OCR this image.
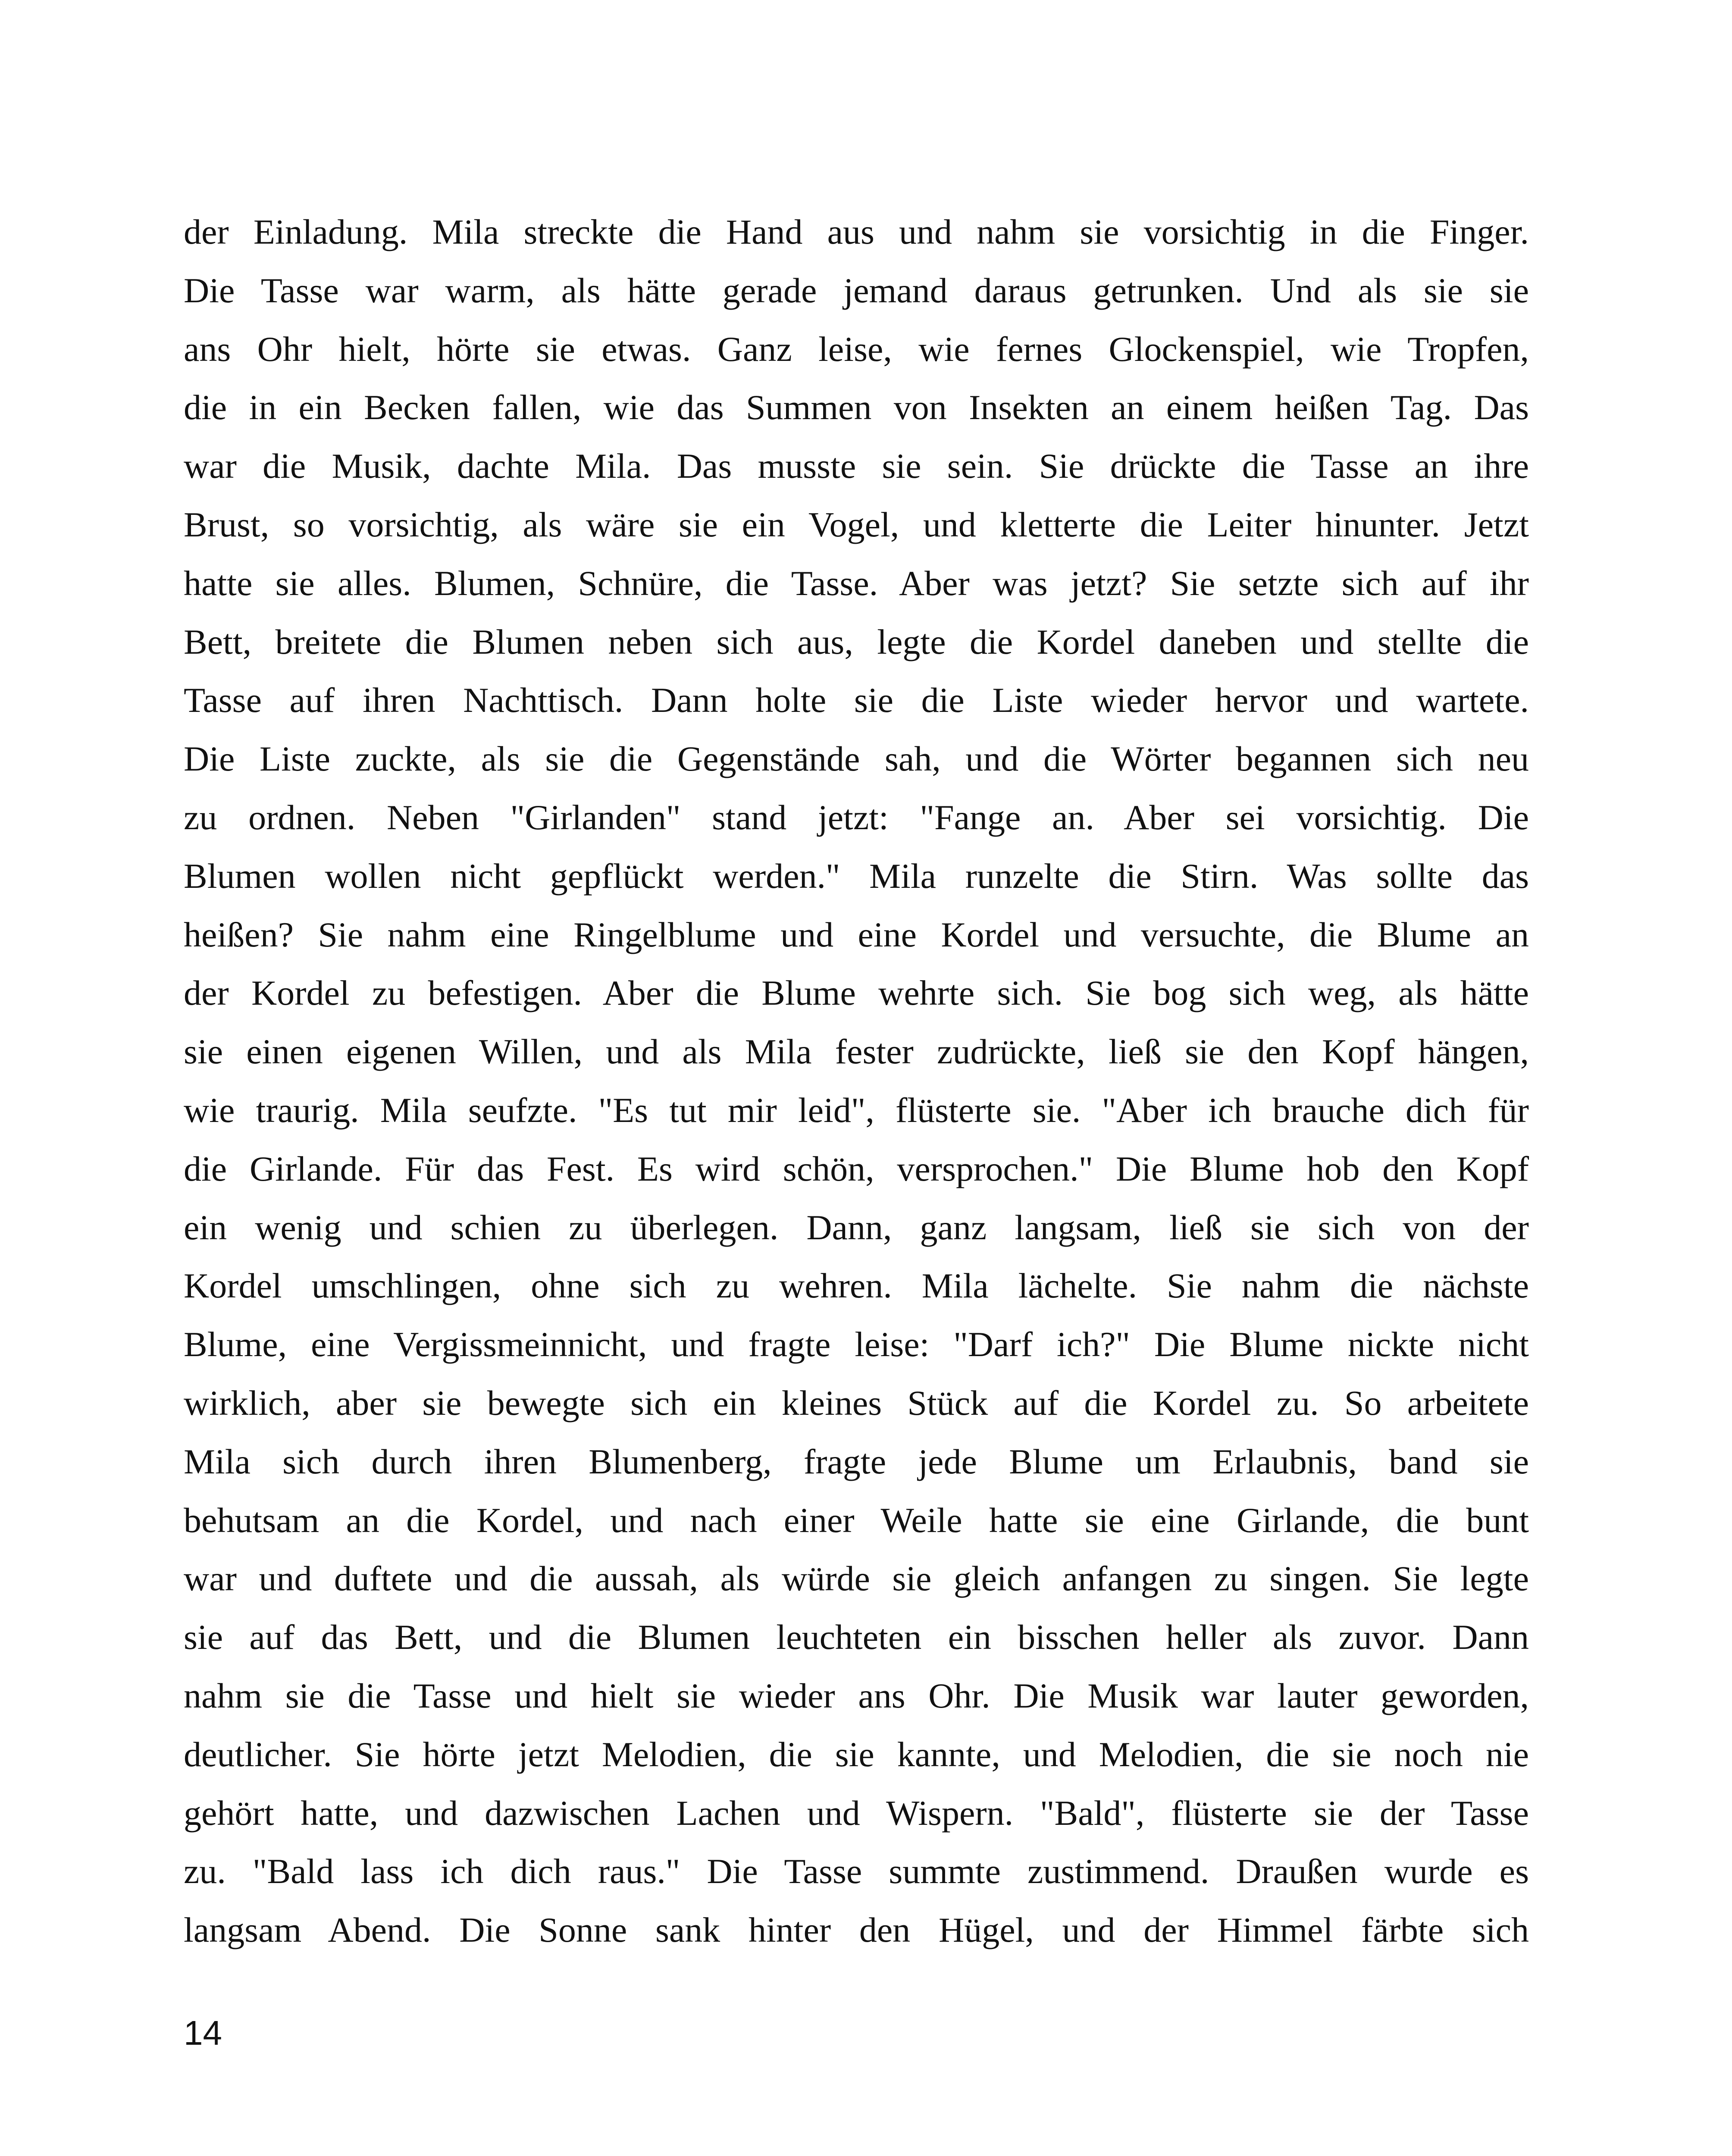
der Einladung. Mila streckte die Hand aus und nahm sie vorsichtig in die Finger.
Die Tasse war warm, als hätte gerade jemand daraus getrunken. Und als sie sie
ans Ohr hielt, hörte sie etwas. Ganz leise, wie fernes Glockenspiel, wie Tropfen,
die in ein Becken fallen, wie das Summen von Insekten an einem heißen Tag. Das
war die Musik, dachte Mila. Das musste sie sein. Sie drückte die Tasse an ihre
Brust, so vorsichtig, als wäre sie ein Vogel, und kletterte die Leiter hinunter. Jetzt
hatte sie alles. Blumen, Schnüre, die Tasse. Aber was jetzt? Sie setzte sich auf ihr
Bett, breitete die Blumen neben sich aus, legte die Kordel daneben und stellte die
Tasse auf ihren Nachttisch. Dann holte sie die Liste wieder hervor und wartete.
Die Liste zuckte, als sie die Gegenstände sah, und die Wörter begannen sich neu
zu ordnen. Neben "Girlanden" stand jetzt: "Fange an. Aber sei vorsichtig. Die
Blumen wollen nicht gepflückt werden." Mila runzelte die Stirn. Was sollte das
heißen? Sie nahm eine Ringelblume und eine Kordel und versuchte, die Blume an
der Kordel zu befestigen. Aber die Blume wehrte sich. Sie bog sich weg, als hätte
sie einen eigenen Willen, und als Mila fester zudrückte, ließ sie den Kopf hängen,
wie traurig. Mila seufzte. "Es tut mir leid", flüsterte sie. "Aber ich brauche dich für
die Girlande. Für das Fest. Es wird schön, versprochen." Die Blume hob den Kopf
ein wenig und schien zu überlegen. Dann, ganz langsam, ließ sie sich von der
Kordel umschlingen, ohne sich zu wehren. Mila lächelte. Sie nahm die nächste
Blume, eine Vergissmeinnicht, und fragte leise: "Darf ich?" Die Blume nickte nicht
wirklich, aber sie bewegte sich ein kleines Stück auf die Kordel zu. So arbeitete
Mila sich durch ihren Blumenberg, fragte jede Blume um Erlaubnis, band sie
behutsam an die Kordel, und nach einer Weile hatte sie eine Girlande, die bunt
war und duftete und die aussah, als würde sie gleich anfangen zu singen. Sie legte
sie auf das Bett, und die Blumen leuchteten ein bisschen heller als zuvor. Dann
nahm sie die Tasse und hielt sie wieder ans Ohr. Die Musik war lauter geworden,
deutlicher. Sie hörte jetzt Melodien, die sie kannte, und Melodien, die sie noch nie
gehört hatte, und dazwischen Lachen und Wispern. "Bald", flüsterte sie der Tasse
zu. "Bald lass ich dich raus." Die Tasse summte zustimmend. Draußen wurde es
langsam Abend. Die Sonne sank hinter den Hügel, und der Himmel färbte sich
14
